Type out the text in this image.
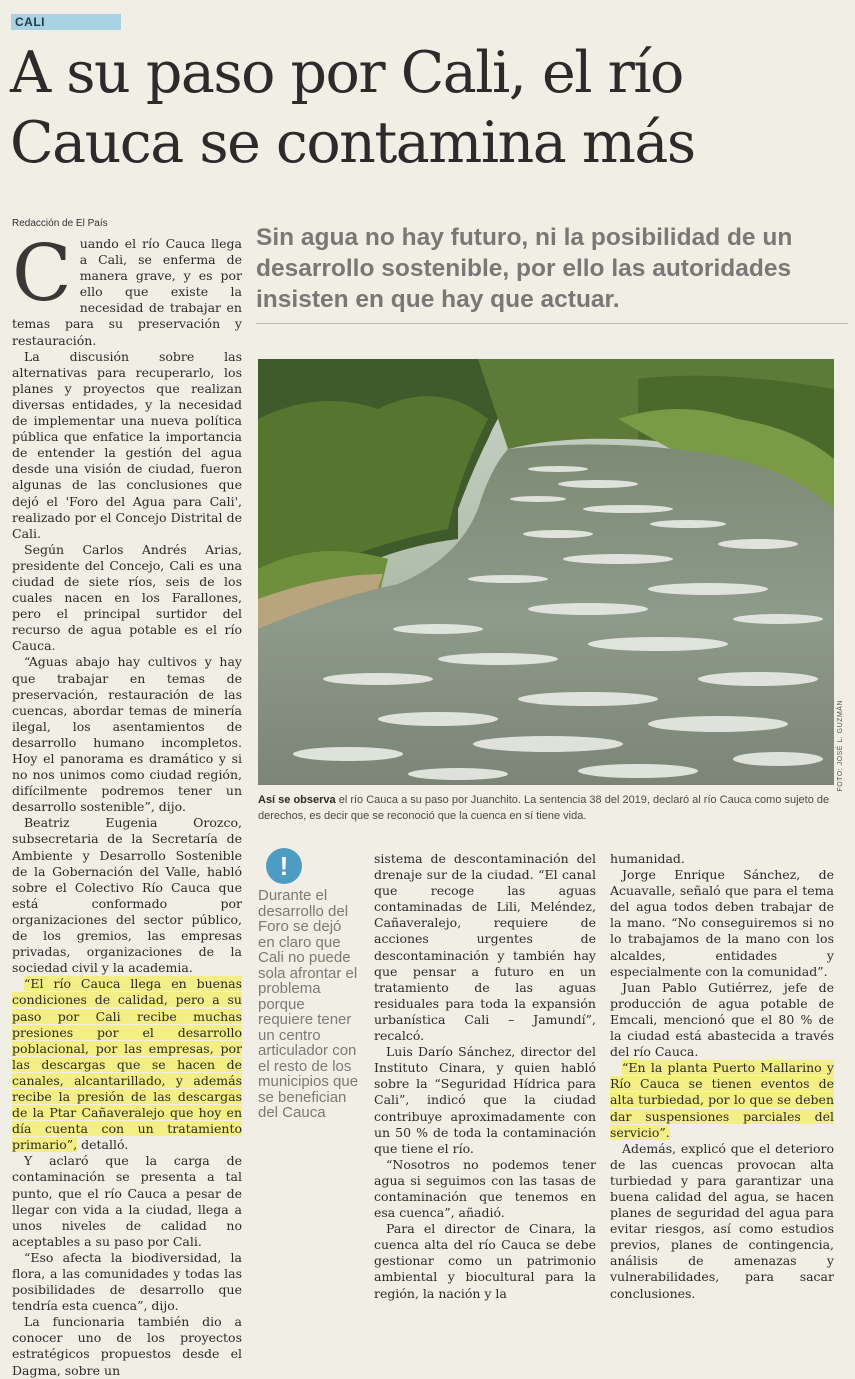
CALI
A su paso por Cali, el río Cauca se contamina más
Redacción de El País

Sin agua no hay futuro, ni la posibilidad de un desarrollo sostenible, por ello las autoridades insisten en que hay que actuar.

Cuando el río Cauca llega a Cali, se enferma de manera grave, y es por ello que existe la necesidad de trabajar en temas para su preservación y restauración.

La discusión sobre las alternativas para recuperarlo, los planes y proyectos que realizan diversas entidades, y la necesidad de implementar una nueva política pública que enfatice la importancia de entender la gestión del agua desde una visión de ciudad, fueron algunas de las conclusiones que dejó el 'Foro del Agua para Cali', realizado por el Concejo Distrital de Cali.

Según Carlos Andrés Arias, presidente del Concejo, Cali es una ciudad de siete ríos, seis de los cuales nacen en los Farallones, pero el principal surtidor del recurso de agua potable es el río Cauca.

“Aguas abajo hay cultivos y hay que trabajar en temas de preservación, restauración de las cuencas, abordar temas de minería ilegal, los asentamientos de desarrollo humano incompletos. Hoy el panorama es dramático y si no nos unimos como ciudad región, difícilmente podremos tener un desarrollo sostenible”, dijo.

Beatriz Eugenia Orozco, subsecretaria de la Secretaría de Ambiente y Desarrollo Sostenible de la Gobernación del Valle, habló sobre el Colectivo Río Cauca que está conformado por organizaciones del sector público, de los gremios, las empresas privadas, organizaciones de la sociedad civil y la academia.

“El río Cauca llega en buenas condiciones de calidad, pero a su paso por Cali recibe muchas presiones por el desarrollo poblacional, por las empresas, por las descargas que se hacen de canales, alcantarillado, y además recibe la presión de las descargas de la Ptar Cañaveralejo que hoy en día cuenta con un tratamiento primario”, detalló.

Y aclaró que la carga de contaminación se presenta a tal punto, que el río Cauca a pesar de llegar con vida a la ciudad, llega a unos niveles de calidad no aceptables a su paso por Cali.

“Eso afecta la biodiversidad, la flora, a las comunidades y todas las posibilidades de desarrollo que tendría esta cuenca”, dijo.

La funcionaria también dio a conocer uno de los proyectos estratégicos propuestos desde el Dagma, sobre un

FOTO: JOSÉ L. GUZMÁN

Así se observa el río Cauca a su paso por Juanchito. La sentencia 38 del 2019, declaró al río Cauca como sujeto de derechos, es decir que se reconoció que la cuenca en sí tiene vida.

!

Durante el desarrollo del Foro se dejó en claro que Cali no puede sola afrontar el problema porque requiere tener un centro articulador con el resto de los municipios que se benefician del Cauca

sistema de descontaminación del drenaje sur de la ciudad. “El canal que recoge las aguas contaminadas de Lili, Meléndez, Cañaveralejo, requiere de acciones urgentes de descontaminación y también hay que pensar a futuro en un tratamiento de las aguas residuales para toda la expansión urbanística Cali – Jamundí”, recalcó.

Luis Darío Sánchez, director del Instituto Cinara, y quien habló sobre la “Seguridad Hídrica para Cali”, indicó que la ciudad contribuye aproximadamente con un 50 % de toda la contaminación que tiene el río.

“Nosotros no podemos tener agua si seguimos con las tasas de contaminación que tenemos en esa cuenca”, añadió.

Para el director de Cinara, la cuenca alta del río Cauca se debe gestionar como un patrimonio ambiental y biocultural para la región, la nación y la

humanidad.

Jorge Enrique Sánchez, de Acuavalle, señaló que para el tema del agua todos deben trabajar de la mano. “No conseguiremos si no lo trabajamos de la mano con los alcaldes, entidades y especialmente con la comunidad”.

Juan Pablo Gutiérrez, jefe de producción de agua potable de Emcali, mencionó que el 80 % de la ciudad está abastecida a través del río Cauca.

“En la planta Puerto Mallarino y Río Cauca se tienen eventos de alta turbiedad, por lo que se deben dar suspensiones parciales del servicio”.

Además, explicó que el deterioro de las cuencas provocan alta turbiedad y para garantizar una buena calidad del agua, se hacen planes de seguridad del agua para evitar riesgos, así como estudios previos, planes de contingencia, análisis de amenazas y vulnerabilidades, para sacar conclusiones.
